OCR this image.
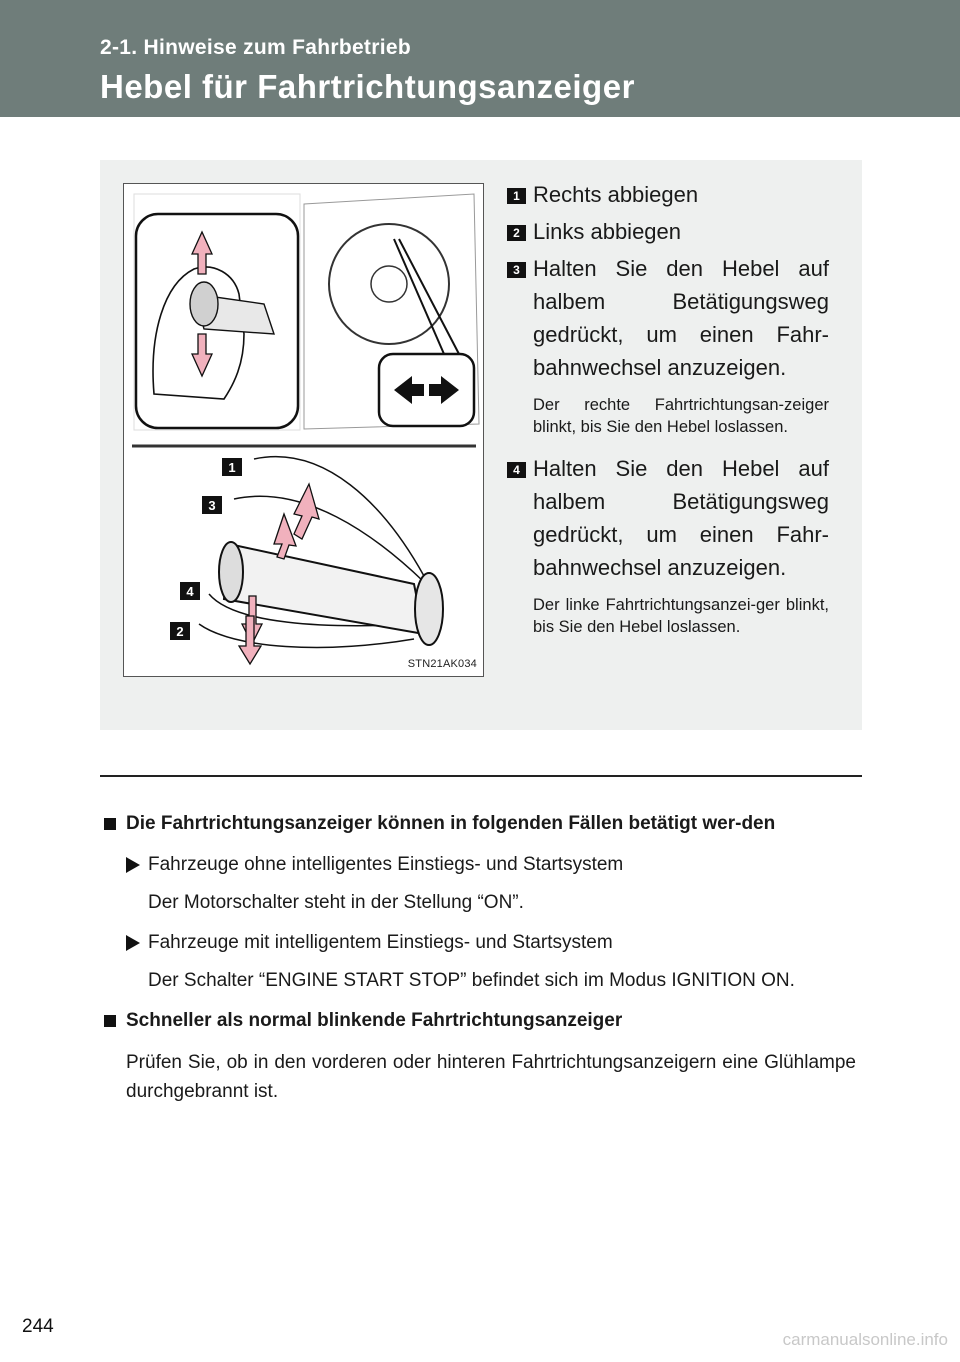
2-1. Hinweise zum Fahrbetrieb
Hebel für Fahrtrichtungsanzeiger
1
3
4
2
STN21AK034
1 Rechts abbiegen
2 Links abbiegen
3 Halten Sie den Hebel auf halbem Betätigungsweg gedrückt, um einen Fahr-bahnwechsel anzuzeigen.
Der rechte Fahrtrichtungsan-zeiger blinkt, bis Sie den Hebel loslassen.
4 Halten Sie den Hebel auf halbem Betätigungsweg gedrückt, um einen Fahr-bahnwechsel anzuzeigen.
Der linke Fahrtrichtungsanzei-ger blinkt, bis Sie den Hebel loslassen.
Die Fahrtrichtungsanzeiger können in folgenden Fällen betätigt wer-den
Fahrzeuge ohne intelligentes Einstiegs- und Startsystem
Der Motorschalter steht in der Stellung “ON”.
Fahrzeuge mit intelligentem Einstiegs- und Startsystem
Der Schalter “ENGINE START STOP” befindet sich im Modus IGNITION ON.
Schneller als normal blinkende Fahrtrichtungsanzeiger
Prüfen Sie, ob in den vorderen oder hinteren Fahrtrichtungsanzeigern eine Glühlampe durchgebrannt ist.
244
carmanualsonline.info
